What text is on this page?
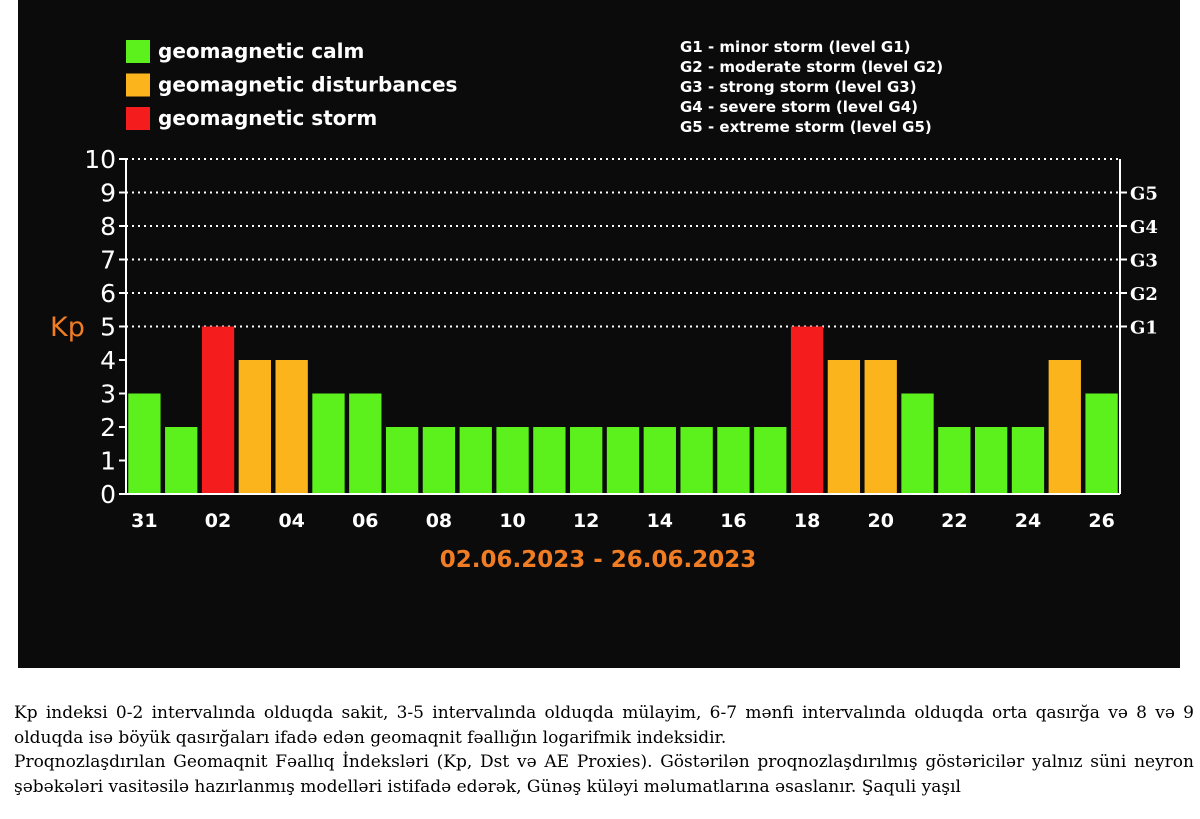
geomagnetic calm
geomagnetic disturbances
geomagnetic storm
G1 - minor storm (level G1)
G2 - moderate storm (level G2)
G3 - strong storm (level G3)
G4 - severe storm (level G4)
G5 - extreme storm (level G5)
0
1
2
3
4
5
6
7
8
9
10
G1
G2
G3
G4
G5
Kp
31 02 04 06 08 10 12 14 16 18 20 22 24 26
02.06.2023 - 26.06.2023

Kp indeksi 0-2 intervalında olduqda sakit, 3-5 intervalında olduqda mülayim, 6-7 mənfi intervalında olduqda orta qasırğa və 8 və 9 olduqda isə böyük qasırğaları ifadə edən geomaqnit fəallığın logarifmik indeksidir.

Proqnozlaşdırılan Geomaqnit Fəallıq İndeksləri (Kp, Dst və AE Proxies). Göstərilən proqnozlaşdırılmış göstəricilər yalnız süni neyron şəbəkələri vasitəsilə hazırlanmış modelləri istifadə edərək, Günəş küləyi məlumatlarına əsaslanır. Şaquli yaşıl
